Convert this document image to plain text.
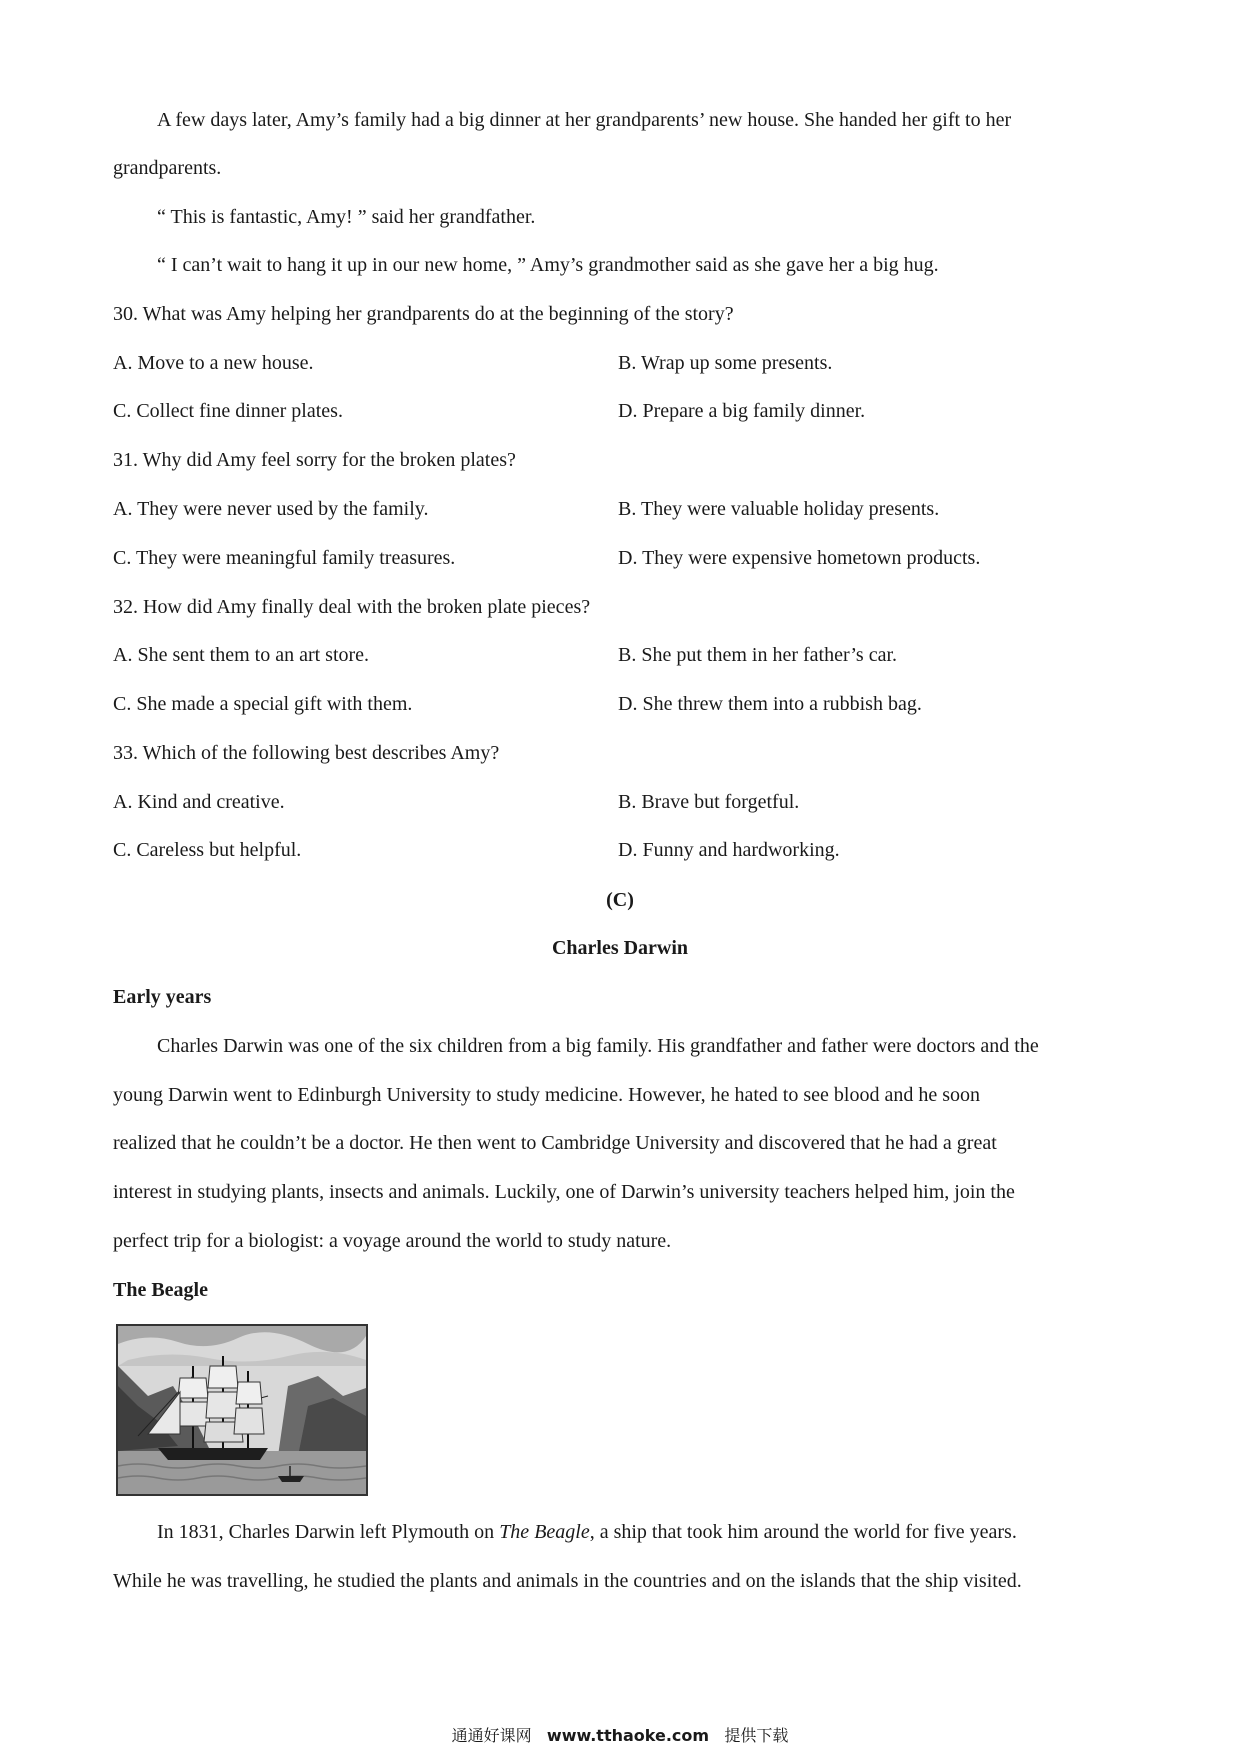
A few days later, Amy’s family had a big dinner at her grandparents’ new house. She handed her gift to her
grandparents.
“ This is fantastic, Amy! ” said her grandfather.
“ I can’t wait to hang it up in our new home, ” Amy’s grandmother said as she gave her a big hug.
30. What was Amy helping her grandparents do at the beginning of the story?
A. Move to a new house.	B. Wrap up some presents.
C. Collect fine dinner plates.	D. Prepare a big family dinner.
31. Why did Amy feel sorry for the broken plates?
A. They were never used by the family.	B. They were valuable holiday presents.
C. They were meaningful family treasures.	D. They were expensive hometown products.
32. How did Amy finally deal with the broken plate pieces?
A. She sent them to an art store.	B. She put them in her father’s car.
C. She made a special gift with them.	D. She threw them into a rubbish bag.
33. Which of the following best describes Amy?
A. Kind and creative.	B. Brave but forgetful.
C. Careless but helpful.	D. Funny and hardworking.
(C)
Charles Darwin
Early years
Charles Darwin was one of the six children from a big family. His grandfather and father were doctors and the
young Darwin went to Edinburgh University to study medicine. However, he hated to see blood and he soon
realized that he couldn’t be a doctor. He then went to Cambridge University and discovered that he had a great
interest in studying plants, insects and animals. Luckily, one of Darwin’s university teachers helped him, join the
perfect trip for a biologist: a voyage around the world to study nature.
The Beagle
In 1831, Charles Darwin left Plymouth on The Beagle, a ship that took him around the world for five years.
While he was travelling, he studied the plants and animals in the countries and on the islands that the ship visited.
通通好课网 www.tthaoke.com 提供下载
